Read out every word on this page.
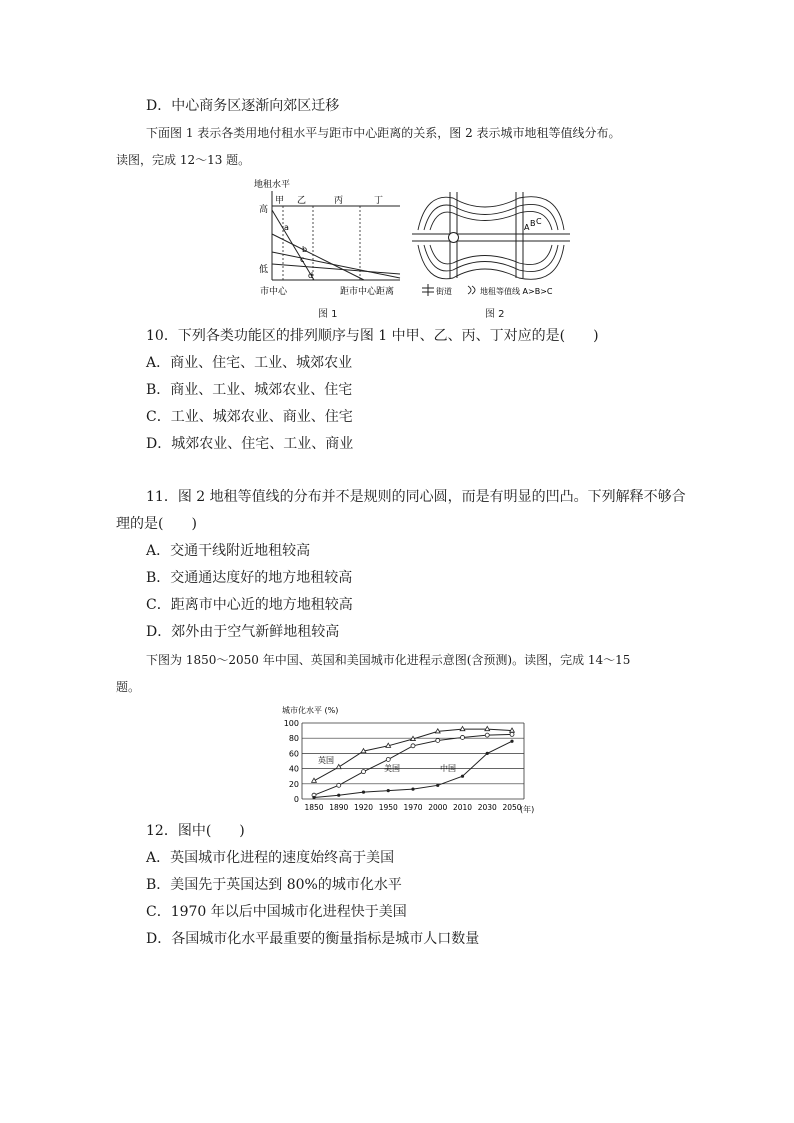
D．中心商务区逐渐向郊区迁移
下面图 1 表示各类用地付租水平与距市中心距离的关系，图 2 表示城市地租等值线分布。
读图，完成 12～13 题。
地租水平
甲 乙	丙	丁
高
低
a
b
c
d
市中心	距市中心距离
图 1
A B C
街道	地租等值线 A>B>C
图 2
10．下列各类功能区的排列顺序与图 1 中甲、乙、丙、丁对应的是(　　)
A．商业、住宅、工业、城郊农业
B．商业、工业、城郊农业、住宅
C．工业、城郊农业、商业、住宅
D．城郊农业、住宅、工业、商业
11．图 2 地租等值线的分布并不是规则的同心圆，而是有明显的凹凸。下列解释不够合
理的是(　　)
A．交通干线附近地租较高
B．交通通达度好的地方地租较高
C．距离市中心近的地方地租较高
D．郊外由于空气新鲜地租较高
下图为 1850～2050 年中国、英国和美国城市化进程示意图(含预测)。读图，完成 14～15
题。
城市化水平 (%)
0
20
40
60
80
100
1850 1890 1920 1950 1970 2000 2010 2030 2050
英国
美国	中国
(年)
12．图中(　　)
A．英国城市化进程的速度始终高于美国
B．美国先于英国达到 80%的城市化水平
C．1970 年以后中国城市化进程快于美国
D．各国城市化水平最重要的衡量指标是城市人口数量
